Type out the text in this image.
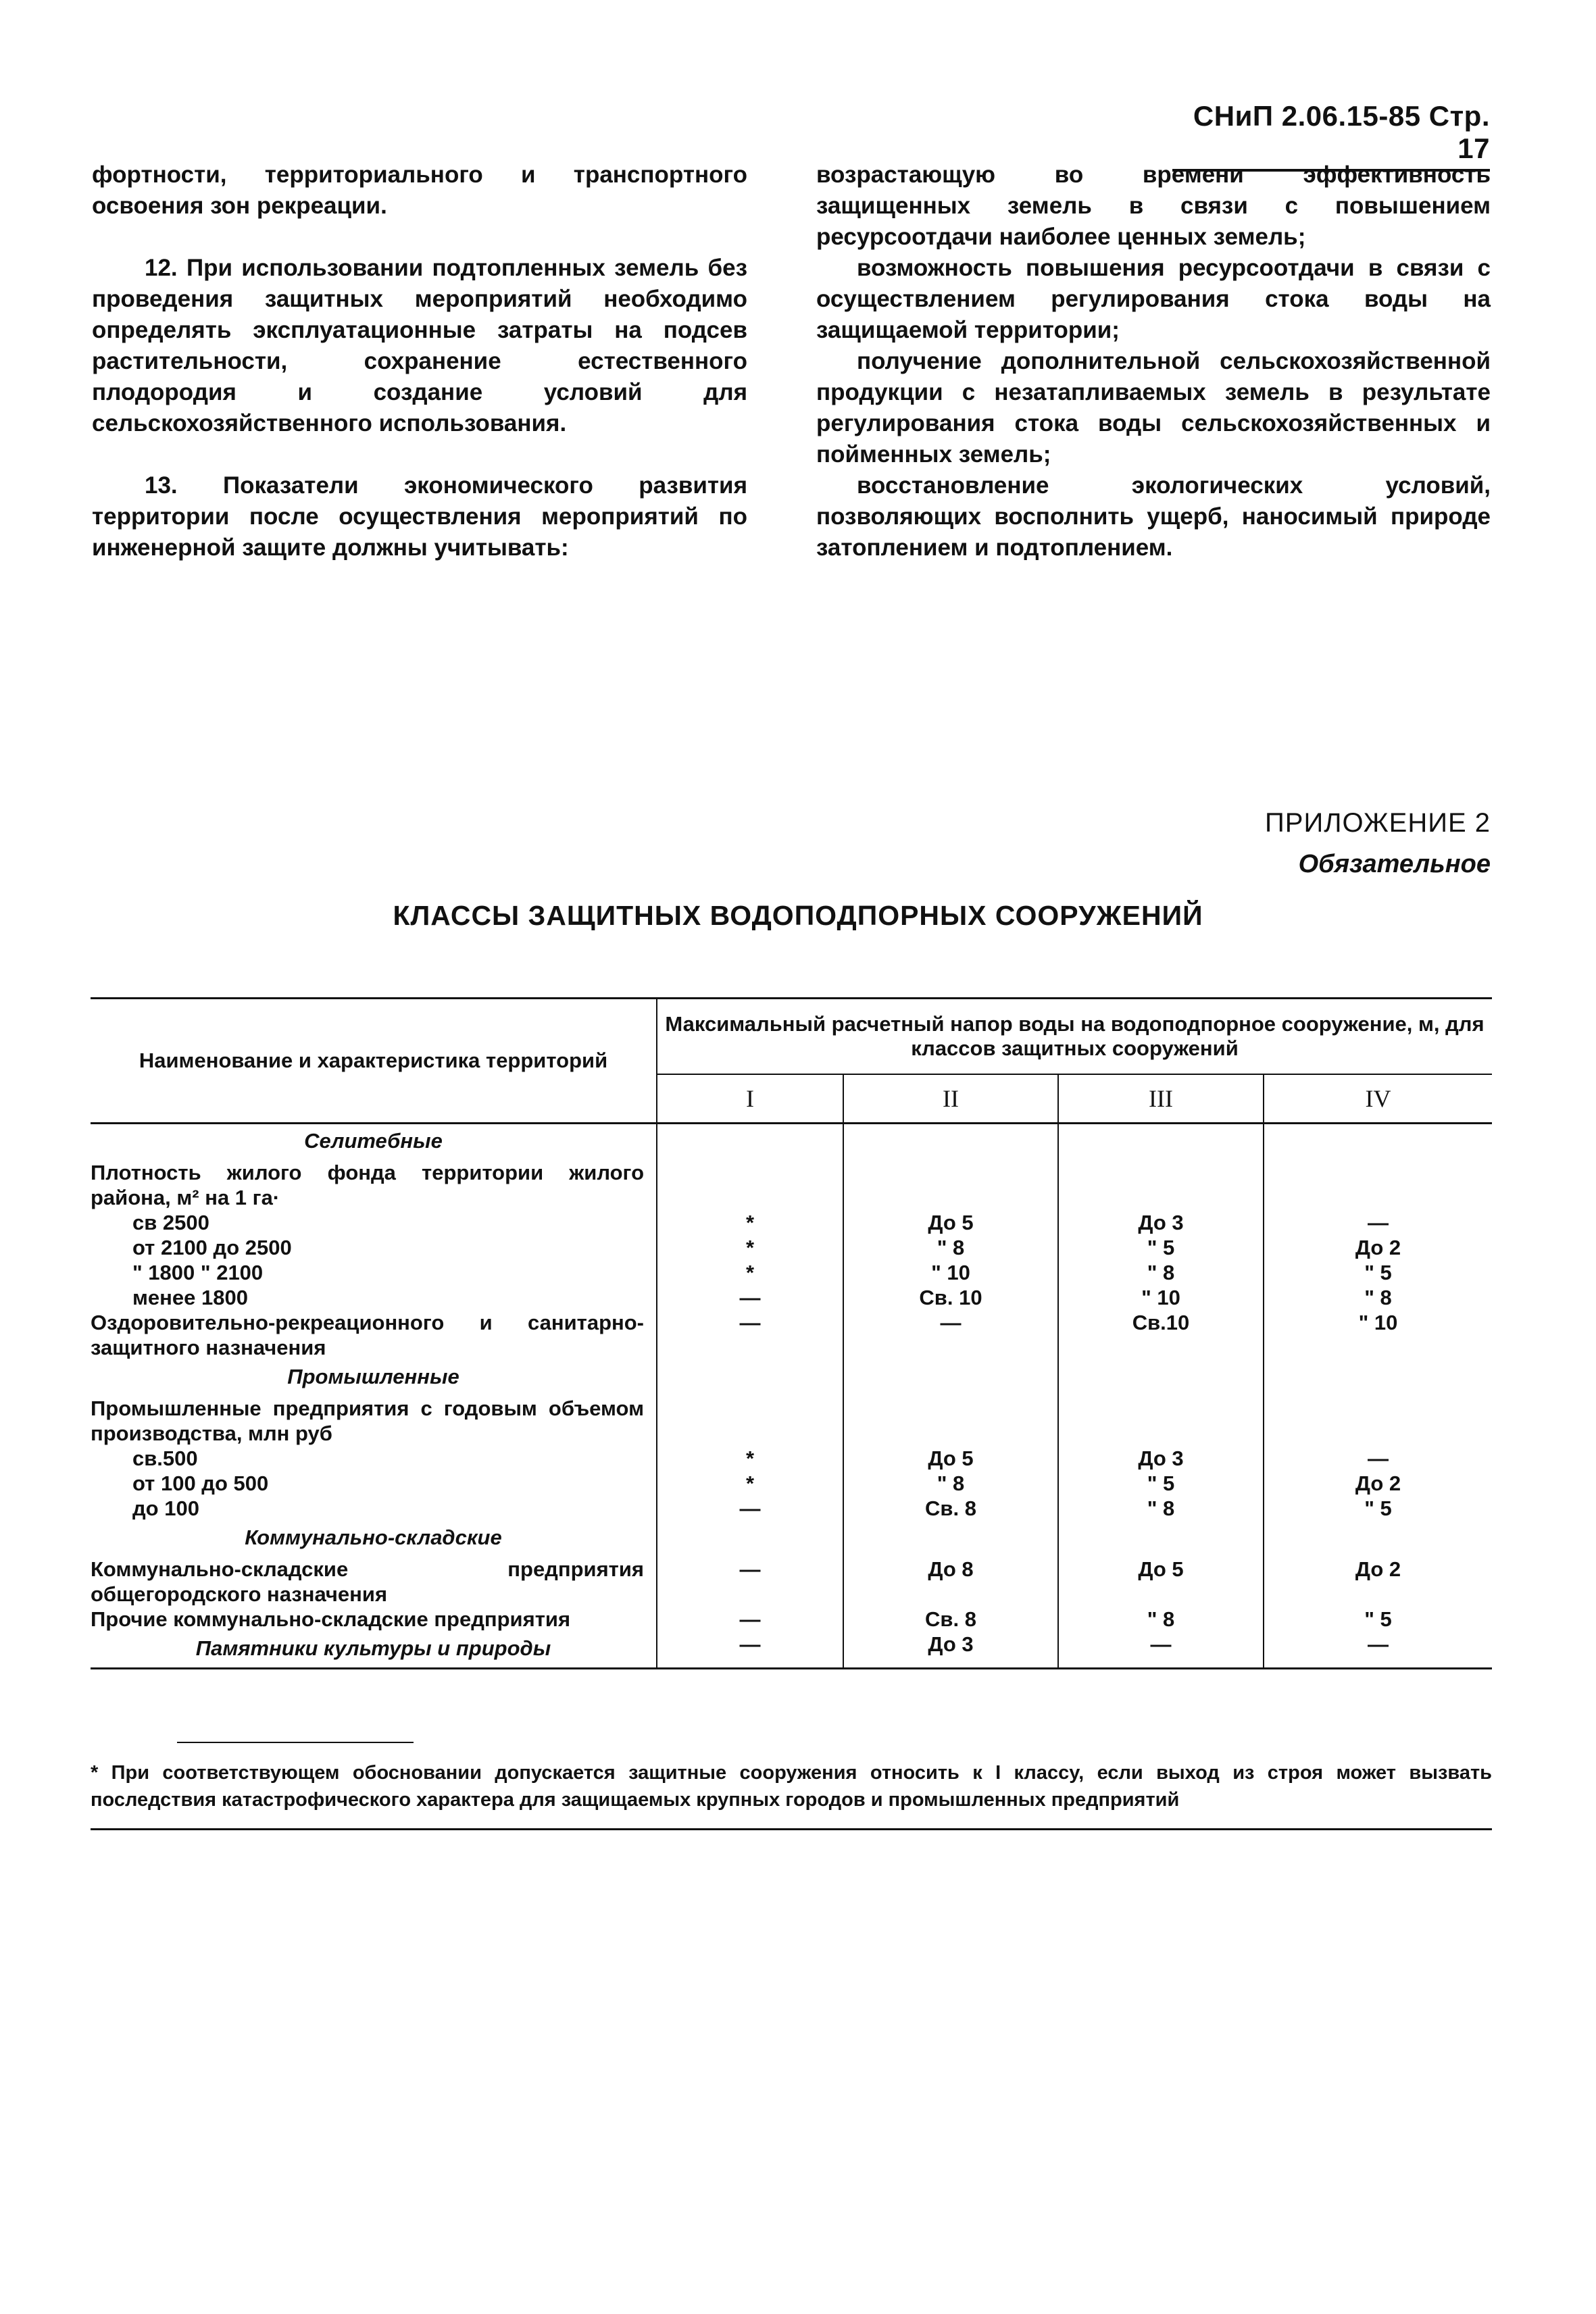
СНиП 2.06.15-85 Стр. 17

фортности, территориального и транспортного освоения зон рекреации.

12. При использовании подтопленных земель без проведения защитных мероприятий необходимо определять эксплуатационные затраты на подсев растительности, сохранение естественного плодородия и создание условий для сельскохозяйственного использования.

13. Показатели экономического развития территории после осуществления мероприятий по инженерной защите должны учитывать:

возрастающую во времени эффективность защищенных земель в связи с повышением ресурсоотдачи наиболее ценных земель;

возможность повышения ресурсоотдачи в связи с осуществлением регулирования стока воды на защищаемой территории;

получение дополнительной сельскохозяйственной продукции с незатапливаемых земель в результате регулирования стока воды сельскохозяйственных и пойменных земель;

восстановление экологических условий, позволяющих восполнить ущерб, наносимый природе затоплением и подтоплением.

ПРИЛОЖЕНИЕ 2
Обязательное
КЛАССЫ ЗАЩИТНЫХ ВОДОПОДПОРНЫХ СООРУЖЕНИЙ
Наименование и характеристика территорий	Максимальный расчетный напор воды на водоподпорное сооружение, м, для классов защитных сооружений			
	I	II	III	IV
Селитебные				
Плотность жилого фонда территории жилого района, м² на 1 га·				
св 2500	*	До 5	До 3	—
от 2100 до 2500	*	" 8	" 5	До 2
" 1800 " 2100	*	" 10	" 8	" 5
менее 1800	—	Св. 10	" 10	" 8
Оздоровительно-рекреационного и санитарно-защитного назначения	—	—	Св.10	" 10
Промышленные				
Промышленные предприятия с годовым объемом производства, млн руб				
св.500	*	До 5	До 3	—
от 100 до 500	*	" 8	" 5	До 2
до 100	—	Св. 8	" 8	" 5
Коммунально-складские				
Коммунально-складские предприятия общегородского назначения	—	До 8	До 5	До 2
Прочие коммунально-складские предприятия	—	Св. 8	" 8	" 5
Памятники культуры и природы	—	До 3	—	—
* При соответствующем обосновании допускается защитные сооружения относить к I классу, если выход из строя может вызвать последствия катастрофического характера для защищаемых крупных городов и промышленных предприятий
